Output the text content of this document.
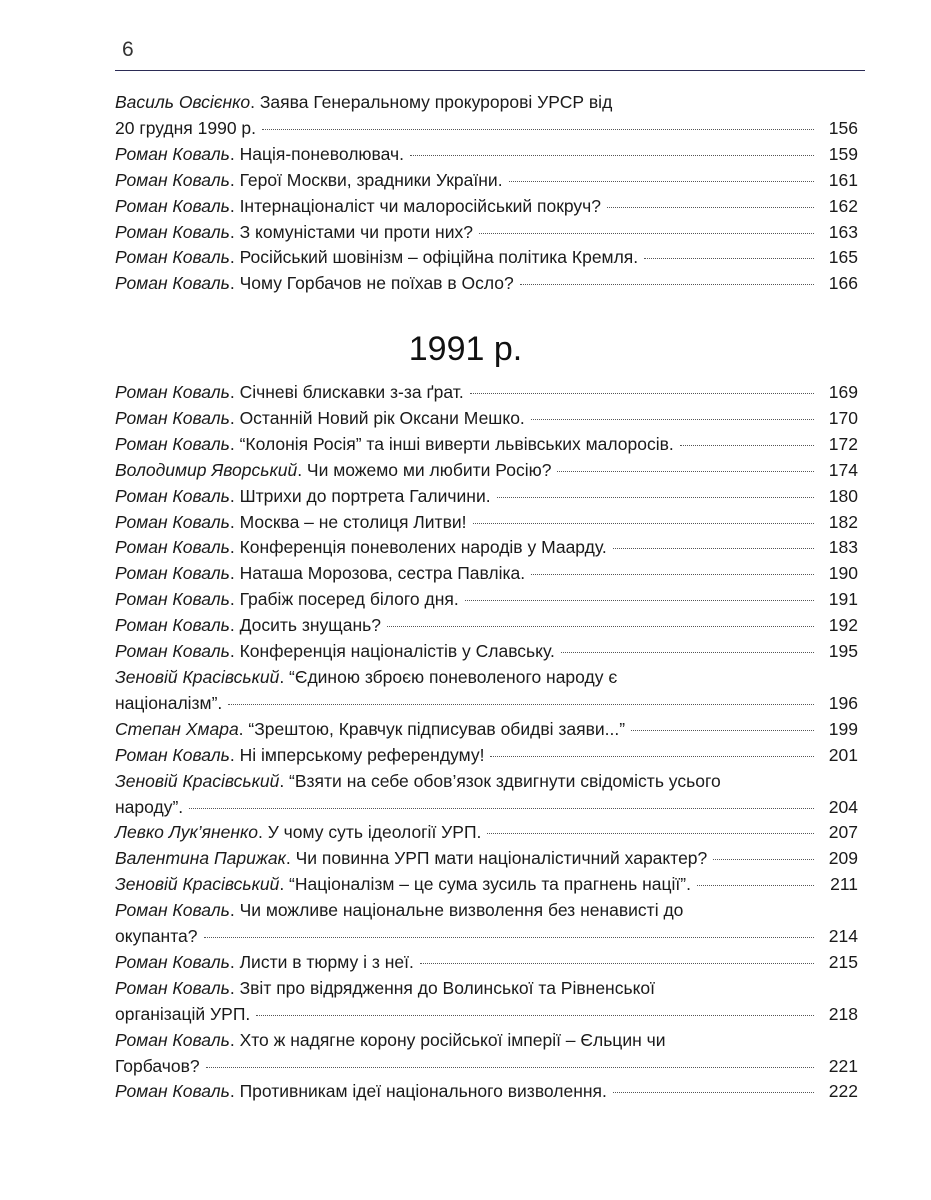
6
Василь Овсієнко. Заява Генеральному прокуророві УРСР від
20 грудня 1990 р.	156
Роман Коваль. Нація-поневолювач.	159
Роман Коваль. Герої Москви, зрадники України.	161
Роман Коваль. Інтернаціоналіст чи малоросійський покруч?	162
Роман Коваль. З комуністами чи проти них?	163
Роман Коваль. Російський шовінізм – офіційна політика Кремля.	165
Роман Коваль. Чому Горбачов не поїхав в Осло?	166
1991 р.
Роман Коваль. Січневі блискавки з-за ґрат.	169
Роман Коваль. Останній Новий рік Оксани Мешко.	170
Роман Коваль. “Колонія Росія” та інші виверти львівських малоросів.	172
Володимир Яворський. Чи можемо ми любити Росію?	174
Роман Коваль. Штрихи до портрета Галичини.	180
Роман Коваль. Москва – не столиця Литви!	182
Роман Коваль. Конференція поневолених народів у Маарду.	183
Роман Коваль. Наташа Морозова, сестра Павліка.	190
Роман Коваль. Грабіж посеред білого дня.	191
Роман Коваль. Досить знущань?	192
Роман Коваль. Конференція націоналістів у Славську.	195
Зеновій Красівський. “Єдиною зброєю поневоленого народу є
націоналізм”.	196
Степан Хмара. “Зрештою, Кравчук підписував обидві заяви...”	199
Роман Коваль. Ні імперському референдуму!	201
Зеновій Красівський. “Взяти на себе обов’язок здвигнути свідомість усього
народу”.	204
Левко Лук’яненко. У чому суть ідеології УРП.	207
Валентина Парижак. Чи повинна УРП мати націоналістичний характер?	209
Зеновій Красівський. “Націоналізм – це сума зусиль та прагнень нації”.	211
Роман Коваль. Чи можливе національне визволення без ненависті до
окупанта?	214
Роман Коваль. Листи в тюрму і з неї.	215
Роман Коваль. Звіт про відрядження до Волинської та Рівненської
організацій УРП.	218
Роман Коваль. Хто ж надягне корону російської імперії – Єльцин чи
Горбачов?	221
Роман Коваль. Противникам ідеї національного визволення.	222
